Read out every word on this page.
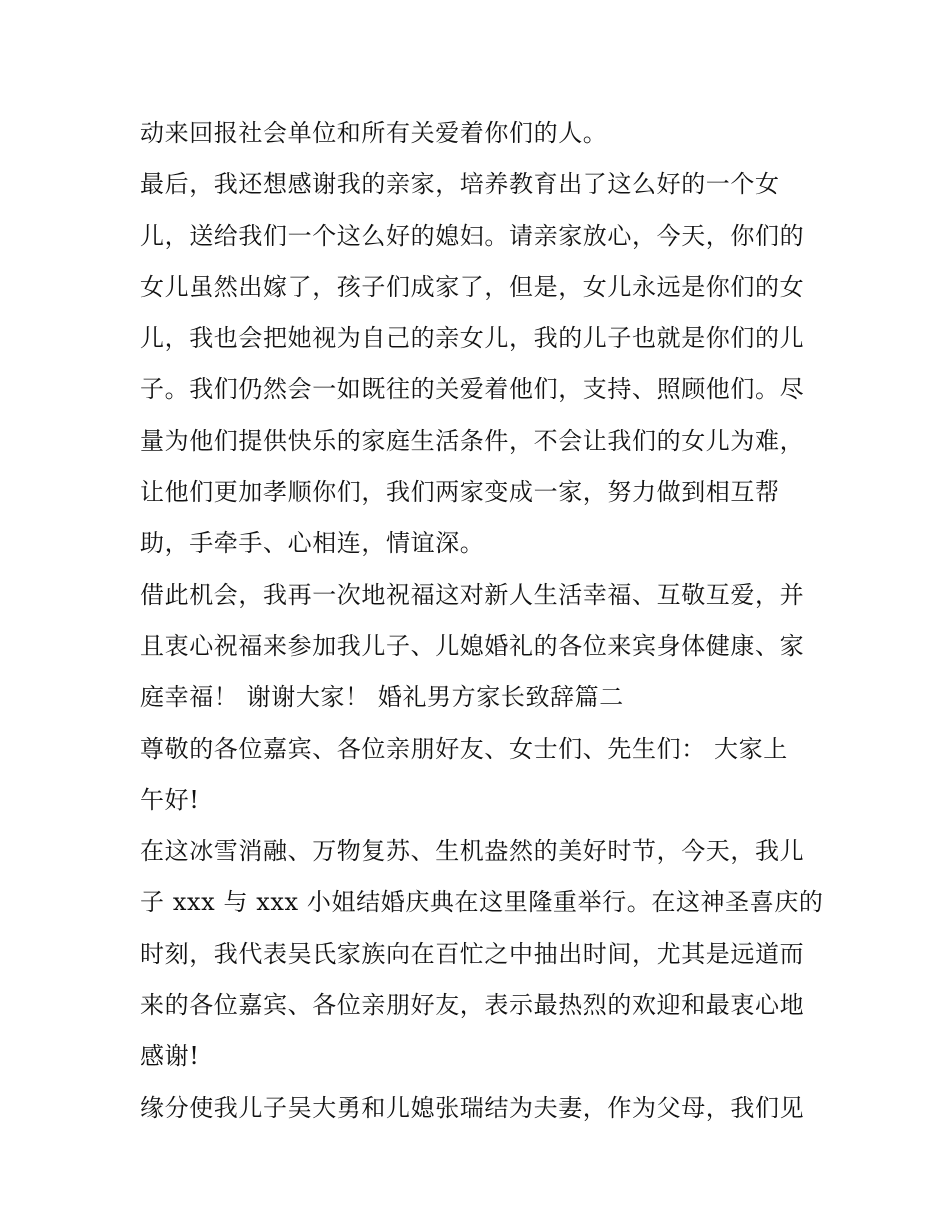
动来回报社会单位和所有关爱着你们的人。
最后，我还想感谢我的亲家，培养教育出了这么好的一个女
儿，送给我们一个这么好的媳妇。请亲家放心，今天，你们的
女儿虽然出嫁了，孩子们成家了，但是，女儿永远是你们的女
儿，我也会把她视为自己的亲女儿，我的儿子也就是你们的儿
子。我们仍然会一如既往的关爱着他们，支持、照顾他们。尽
量为他们提供快乐的家庭生活条件，不会让我们的女儿为难，
让他们更加孝顺你们，我们两家变成一家，努力做到相互帮
助，手牵手、心相连，情谊深。
借此机会，我再一次地祝福这对新人生活幸福、互敬互爱，并
且衷心祝福来参加我儿子、儿媳婚礼的各位来宾身体健康、家
庭幸福！ 谢谢大家！ 婚礼男方家长致辞篇二
尊敬的各位嘉宾、各位亲朋好友、女士们、先生们： 大家上
午好!
在这冰雪消融、万物复苏、生机盎然的美好时节，今天，我儿
子 xxx 与 xxx 小姐结婚庆典在这里隆重举行。在这神圣喜庆的
时刻，我代表吴氏家族向在百忙之中抽出时间，尤其是远道而
来的各位嘉宾、各位亲朋好友，表示最热烈的欢迎和最衷心地
感谢!
缘分使我儿子吴大勇和儿媳张瑞结为夫妻，作为父母，我们见
